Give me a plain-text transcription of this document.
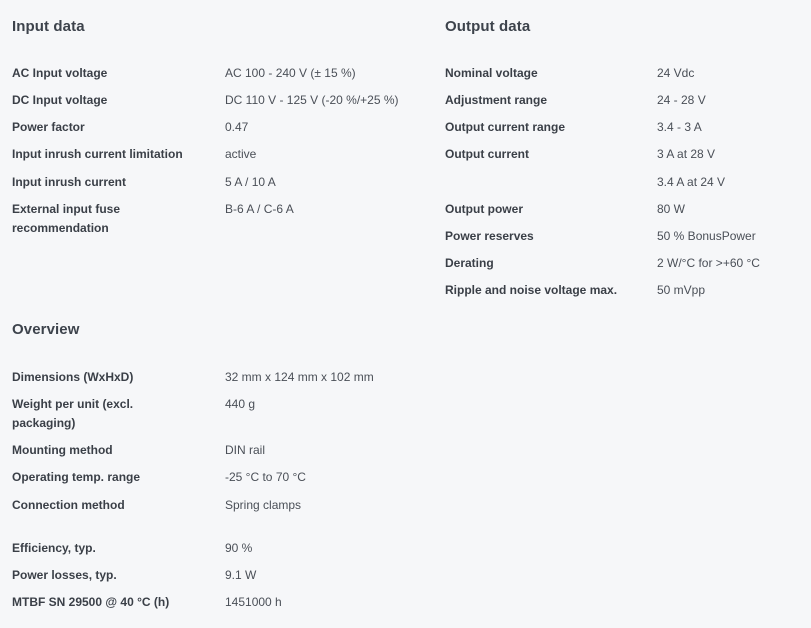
Input data
AC Input voltage	AC 100 - 240 V (± 15 %)
DC Input voltage	DC 110 V - 125 V (-20 %/+25 %)
Power factor	0.47
Input inrush current limitation	active
Input inrush current	5 A / 10 A

External input fuse recommendation	B-6 A / C-6 A
Output data
Nominal voltage	24 Vdc
Adjustment range	24 - 28 V
Output current range	3.4 - 3 A
Output current	3 A at 28 V
	3.4 A at 24 V
Output power	80 W
Power reserves	50 % BonusPower
Derating	2 W/°C for >+60 °C
Ripple and noise voltage max.	50 mVpp
Overview
Dimensions (WxHxD)	32 mm x 124 mm x 102 mm

Weight per unit (excl. packaging)	440 g
Mounting method	DIN rail
Operating temp. range	-25 °C to 70 °C
Connection method	Spring clamps
Efficiency, typ.	90 %
Power losses, typ.	9.1 W
MTBF SN 29500 @ 40 °C (h)	1451000 h
